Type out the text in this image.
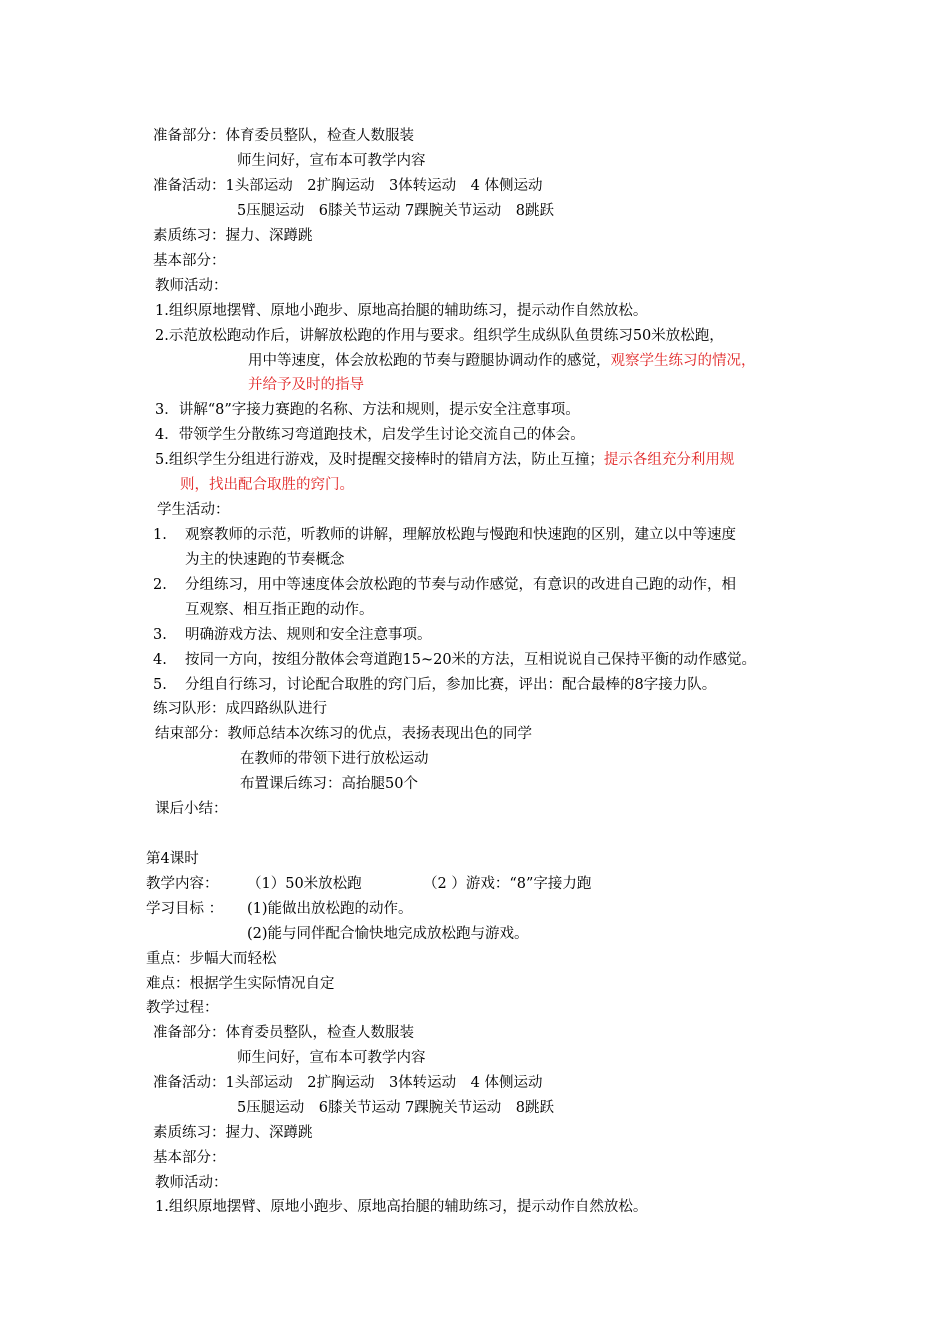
准备部分：体育委员整队，检查人数服装
师生问好，宣布本可教学内容
准备活动：1头部运动　2扩胸运动　3体转运动　4 体侧运动
5压腿运动　6膝关节运动 7踝腕关节运动　8跳跃
素质练习：握力、深蹲跳
基本部分：
教师活动：
1.组织原地摆臂、原地小跑步、原地高抬腿的辅助练习，提示动作自然放松。
2.示范放松跑动作后，讲解放松跑的作用与要求。组织学生成纵队鱼贯练习50米放松跑，
用中等速度，体会放松跑的节奏与蹬腿协调动作的感觉，观察学生练习的情况，
并给予及时的指导
3．讲解“8”字接力赛跑的名称、方法和规则，提示安全注意事项。
4．带领学生分散练习弯道跑技术，启发学生讨论交流自己的体会。
5.组织学生分组进行游戏，及时提醒交接棒时的错肩方法，防止互撞；提示各组充分利用规
则，找出配合取胜的窍门。
学生活动：
1. 观察教师的示范，听教师的讲解，理解放松跑与慢跑和快速跑的区别，建立以中等速度
为主的快速跑的节奏概念
2. 分组练习，用中等速度体会放松跑的节奏与动作感觉，有意识的改进自己跑的动作，相
互观察、相互指正跑的动作。
3. 明确游戏方法、规则和安全注意事项。
4. 按同一方向，按组分散体会弯道跑15~20米的方法，互相说说自己保持平衡的动作感觉。
5. 分组自行练习，讨论配合取胜的窍门后，参加比赛，评出：配合最棒的8字接力队。
练习队形：成四路纵队进行
结束部分：教师总结本次练习的优点，表扬表现出色的同学
在教师的带领下进行放松运动
布置课后练习：高抬腿50个
课后小结：
第4课时
教学内容： （1）50米放松跑	（2 ）游戏：“8”字接力跑
学习目标 ： (1)能做出放松跑的动作。
(2)能与同伴配合愉快地完成放松跑与游戏。
重点：步幅大而轻松
难点：根据学生实际情况自定
教学过程：
准备部分：体育委员整队，检查人数服装
师生问好，宣布本可教学内容
准备活动：1头部运动　2扩胸运动　3体转运动　4 体侧运动
5压腿运动　6膝关节运动 7踝腕关节运动　8跳跃
素质练习：握力、深蹲跳
基本部分：
教师活动：
1.组织原地摆臂、原地小跑步、原地高抬腿的辅助练习，提示动作自然放松。
